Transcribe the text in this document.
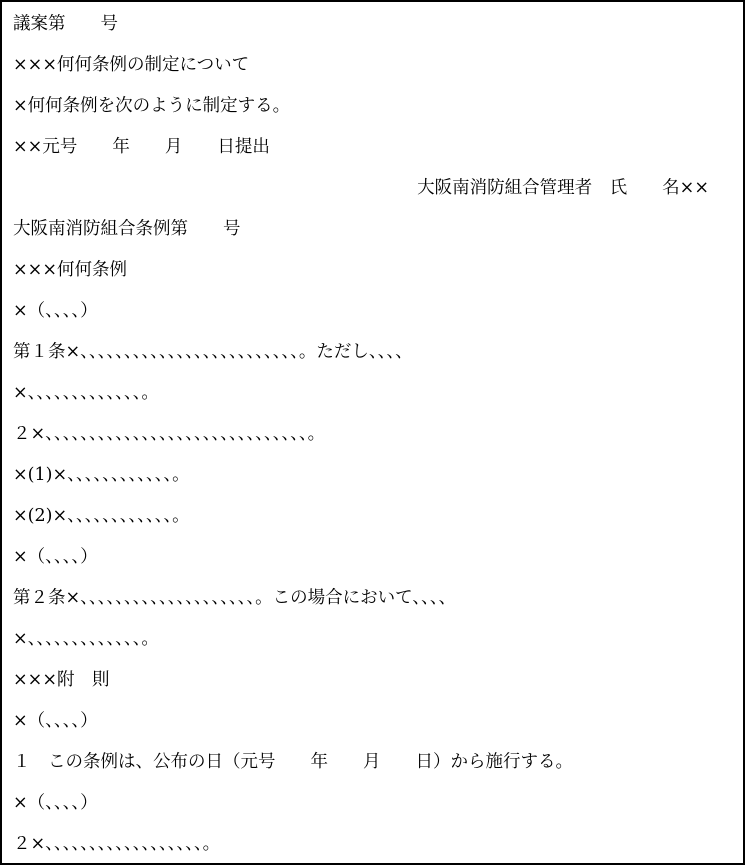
議案第　　号
×××何何条例の制定について
×何何条例を次のように制定する。
××元号　　年　　月　　日提出
大阪南消防組合管理者　氏　　名××
大阪南消防組合条例第　　号
×××何何条例
×（、、、、）
第１条×、、、、、、、、、、、、、、、、、、、、、、、、、。ただし、、、、
×、、、、、、、、、、、、、。
２×、、、、、、、、、、、、、、、、、、、、、、、、、、、、、、。
×(1)×、、、、、、、、、、、、。
×(2)×、、、、、、、、、、、、。
×（、、、、）
第２条×、、、、、、、、、、、、、、、、、、、、。この場合において、、、、
×、、、、、、、、、、、、、。
×××附　則
×（、、、、）
１　この条例は、公布の日（元号　　年　　月　　日）から施行する。
×（、、、、）
２×、、、、、、、、、、、、、、、、、、。
